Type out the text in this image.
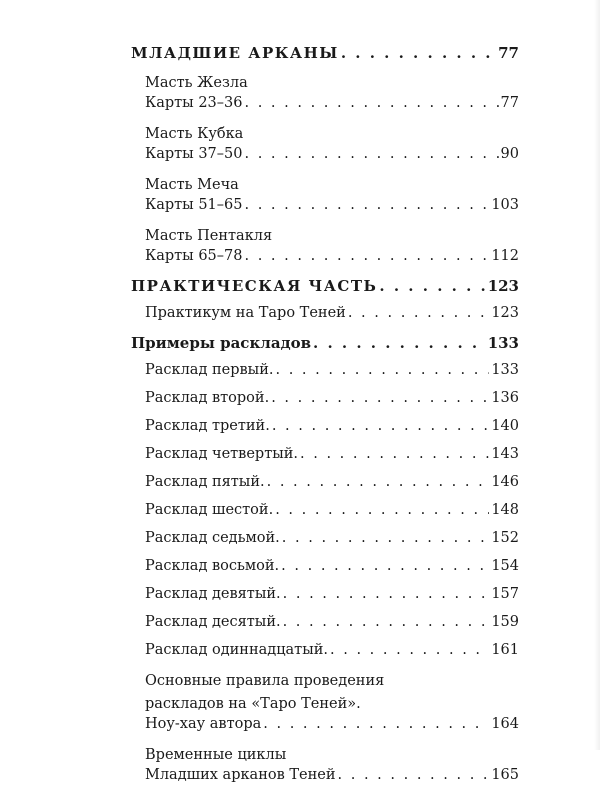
МЛАДШИЕ АРКАНЫ . . .	77
Масть Жезла
Карты 23–36 . . .	77
Масть Кубка
Карты 37–50 . . .	90
Масть Меча
Карты 51–65 . . .	103
Масть Пентакля
Карты 65–78 . . .	112
ПРАКТИЧЕСКАЯ ЧАСТЬ . . .	123
Практикум на Таро Теней . . .	123
Примеры раскладов . . .	133
Расклад первый. . . .	133
Расклад второй. . . .	136
Расклад третий. . . .	140
Расклад четвертый. . . .	143
Расклад пятый. . . .	146
Расклад шестой. . . .	148
Расклад седьмой. . . .	152
Расклад восьмой. . . .	154
Расклад девятый. . . .	157
Расклад десятый. . . .	159
Расклад одиннадцатый. . . .	161
Основные правила проведения
раскладов на «Таро Теней».
Ноу-хау автора . . .	164
Временные циклы
Младших арканов Теней . . .	165
